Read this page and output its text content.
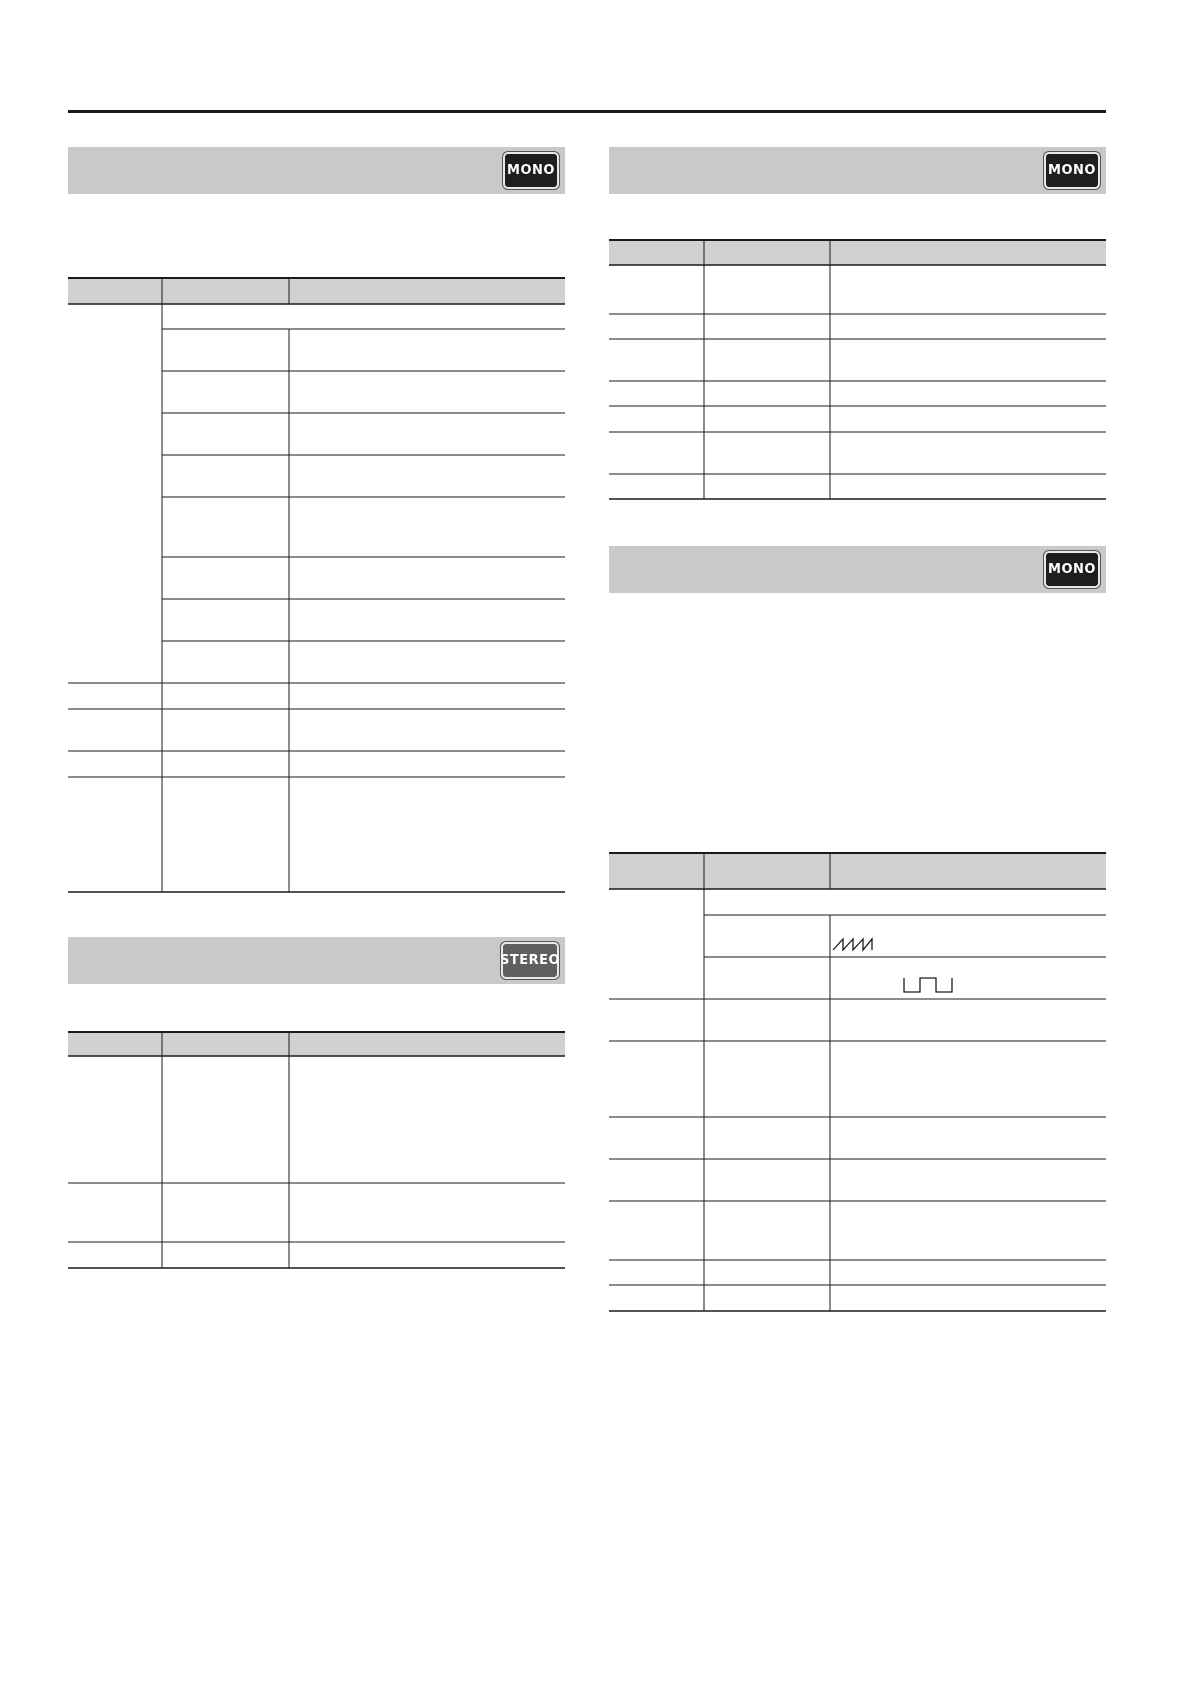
MONO
STEREO
MONO
MONO
